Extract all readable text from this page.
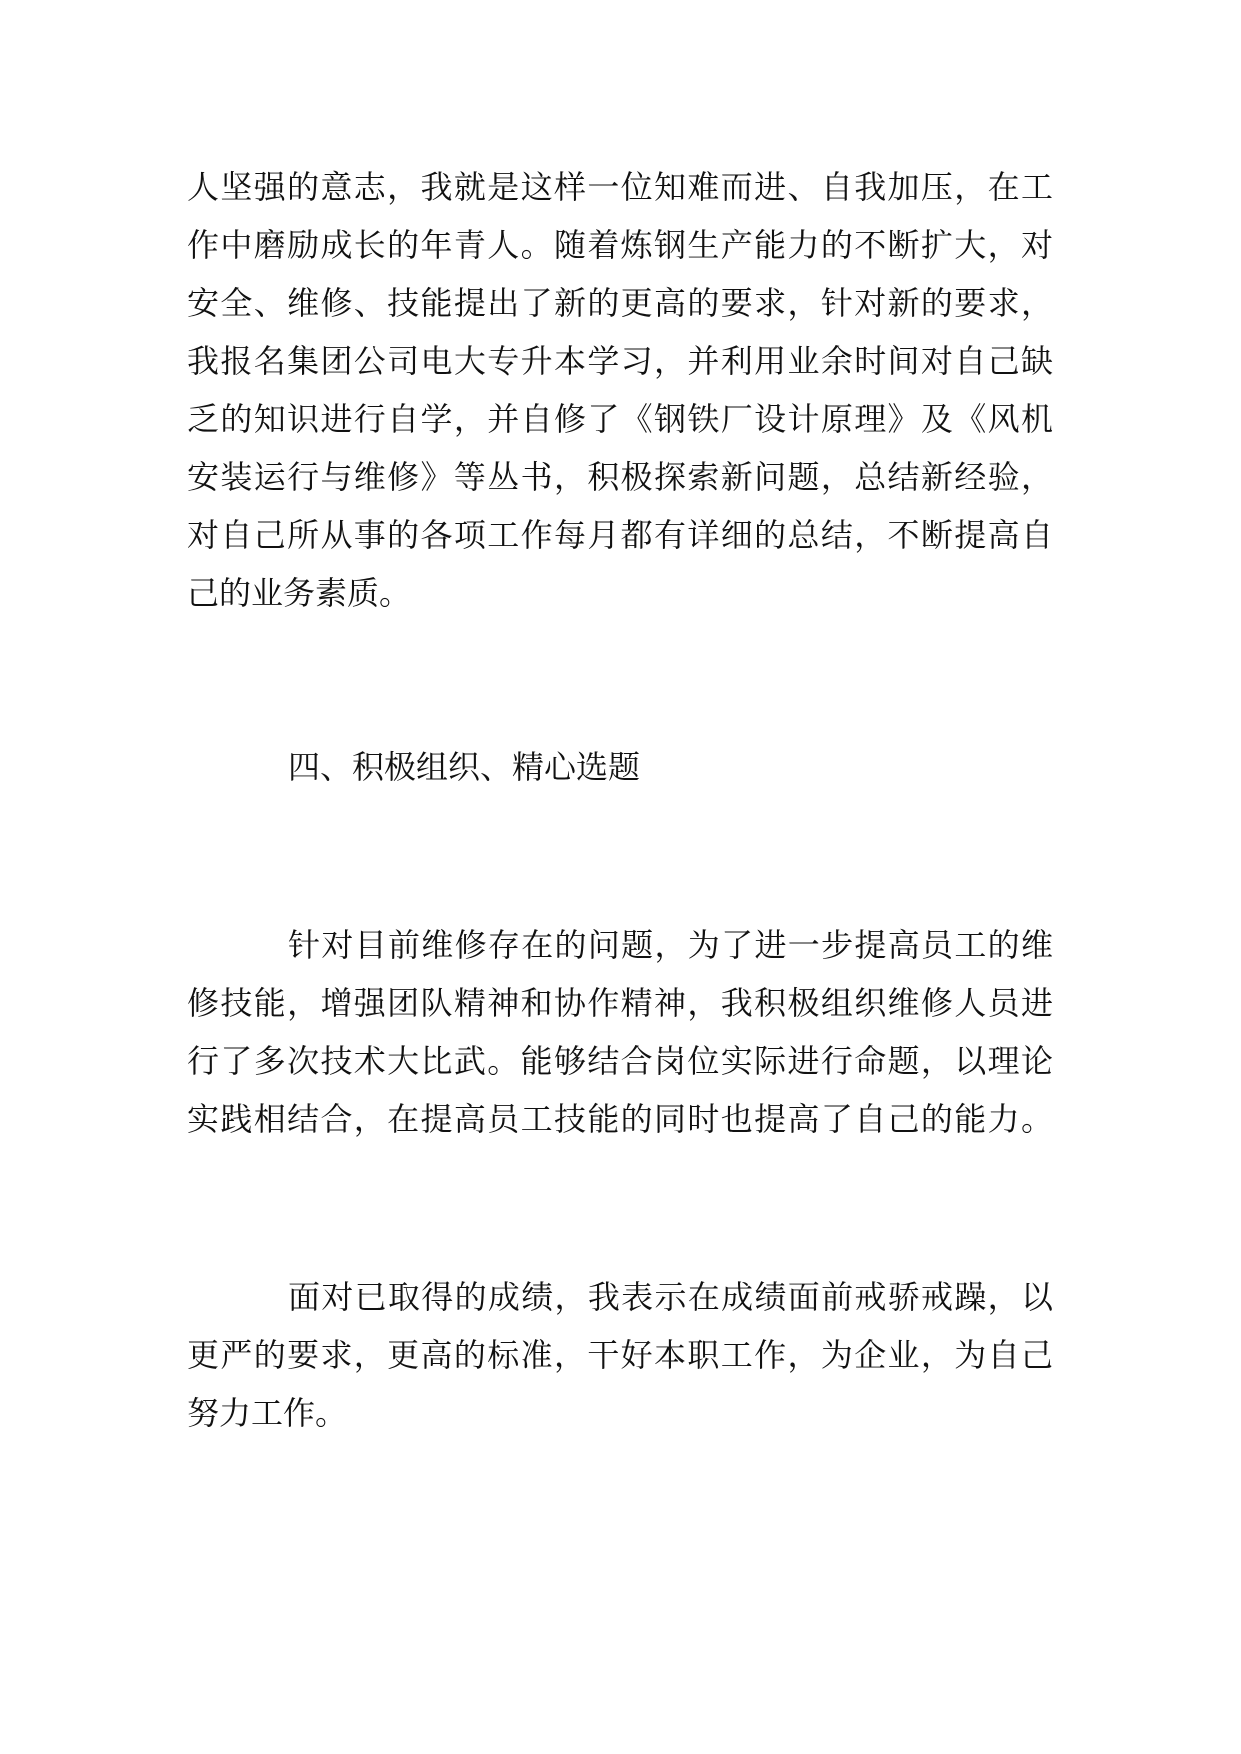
人坚强的意志，我就是这样一位知难而进、自我加压，在工
作中磨励成长的年青人。随着炼钢生产能力的不断扩大，对
安全、维修、技能提出了新的更高的要求，针对新的要求，
我报名集团公司电大专升本学习，并利用业余时间对自己缺
乏的知识进行自学，并自修了《钢铁厂设计原理》及《风机
安装运行与维修》等丛书，积极探索新问题，总结新经验，
对自己所从事的各项工作每月都有详细的总结，不断提高自
己的业务素质。
四、积极组织、精心选题
针对目前维修存在的问题，为了进一步提高员工的维
修技能，增强团队精神和协作精神，我积极组织维修人员进
行了多次技术大比武。能够结合岗位实际进行命题，以理论
实践相结合，在提高员工技能的同时也提高了自己的能力。
面对已取得的成绩，我表示在成绩面前戒骄戒躁，以
更严的要求，更高的标准，干好本职工作，为企业，为自己
努力工作。
